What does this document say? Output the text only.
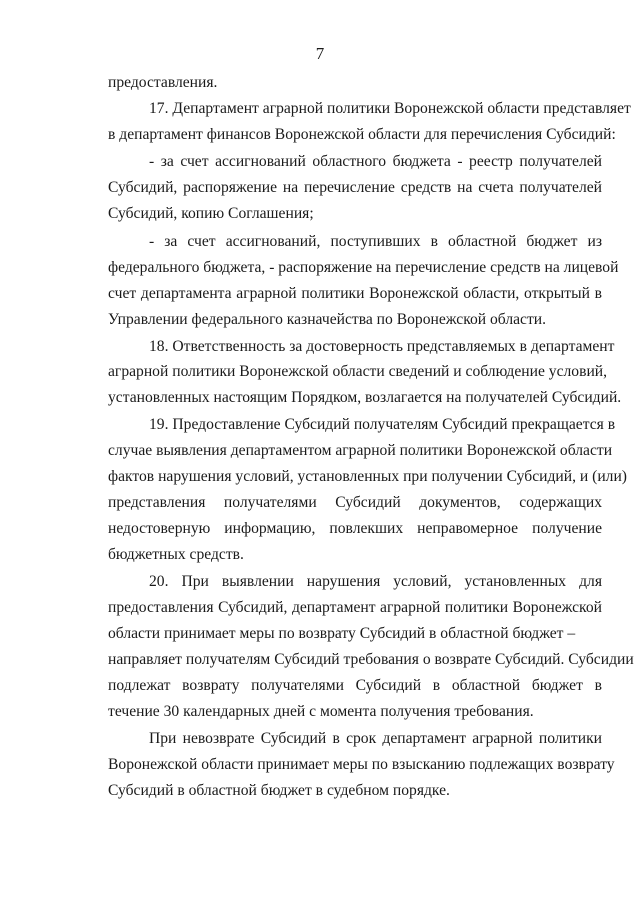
7
предоставления.
17. Департамент аграрной политики Воронежской области представляет
в департамент финансов Воронежской области для перечисления Субсидий:
- за счет ассигнований областного бюджета - реестр получателей
Субсидий, распоряжение на перечисление средств на счета получателей
Субсидий, копию Соглашения;
- за счет ассигнований, поступивших в областной бюджет из
федерального бюджета, - распоряжение на перечисление средств на лицевой
счет департамента аграрной политики Воронежской области, открытый в
Управлении федерального казначейства по Воронежской области.
18. Ответственность за достоверность представляемых в департамент
аграрной политики Воронежской области сведений и соблюдение условий,
установленных настоящим Порядком, возлагается на получателей Субсидий.
19. Предоставление Субсидий получателям Субсидий прекращается в
случае выявления департаментом аграрной политики Воронежской области
фактов нарушения условий, установленных при получении Субсидий, и (или)
представления получателями Субсидий документов, содержащих
недостоверную информацию, повлекших неправомерное получение
бюджетных средств.
20. При выявлении нарушения условий, установленных для
предоставления Субсидий, департамент аграрной политики Воронежской
области принимает меры по возврату Субсидий в областной бюджет –
направляет получателям Субсидий требования о возврате Субсидий. Субсидии
подлежат возврату получателями Субсидий в областной бюджет в
течение 30 календарных дней с момента получения требования.
При невозврате Субсидий в срок департамент аграрной политики
Воронежской области принимает меры по взысканию подлежащих возврату
Субсидий в областной бюджет в судебном порядке.
